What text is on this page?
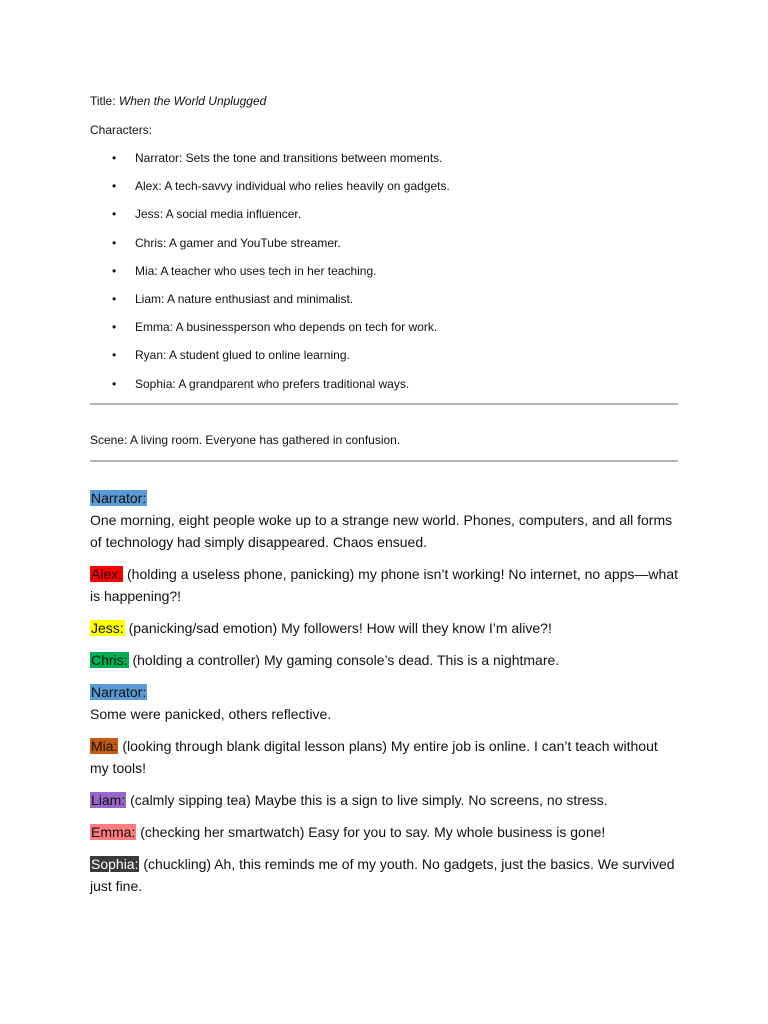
Title: When the World Unplugged
Characters:
• Narrator: Sets the tone and transitions between moments.
• Alex: A tech-savvy individual who relies heavily on gadgets.
• Jess: A social media influencer.
• Chris: A gamer and YouTube streamer.
• Mia: A teacher who uses tech in her teaching.
• Liam: A nature enthusiast and minimalist.
• Emma: A businessperson who depends on tech for work.
• Ryan: A student glued to online learning.
• Sophia: A grandparent who prefers traditional ways.
Scene: A living room. Everyone has gathered in confusion.
Narrator:
One morning, eight people woke up to a strange new world. Phones, computers, and all forms of technology had simply disappeared. Chaos ensued.
Alex: (holding a useless phone, panicking) my phone isn’t working! No internet, no apps—what is happening?!
Jess: (panicking/sad emotion) My followers! How will they know I’m alive?!
Chris: (holding a controller) My gaming console’s dead. This is a nightmare.
Narrator:
Some were panicked, others reflective.
Mia: (looking through blank digital lesson plans) My entire job is online. I can’t teach without my tools!
Liam: (calmly sipping tea) Maybe this is a sign to live simply. No screens, no stress.
Emma: (checking her smartwatch) Easy for you to say. My whole business is gone!
Sophia: (chuckling) Ah, this reminds me of my youth. No gadgets, just the basics. We survived just fine.
